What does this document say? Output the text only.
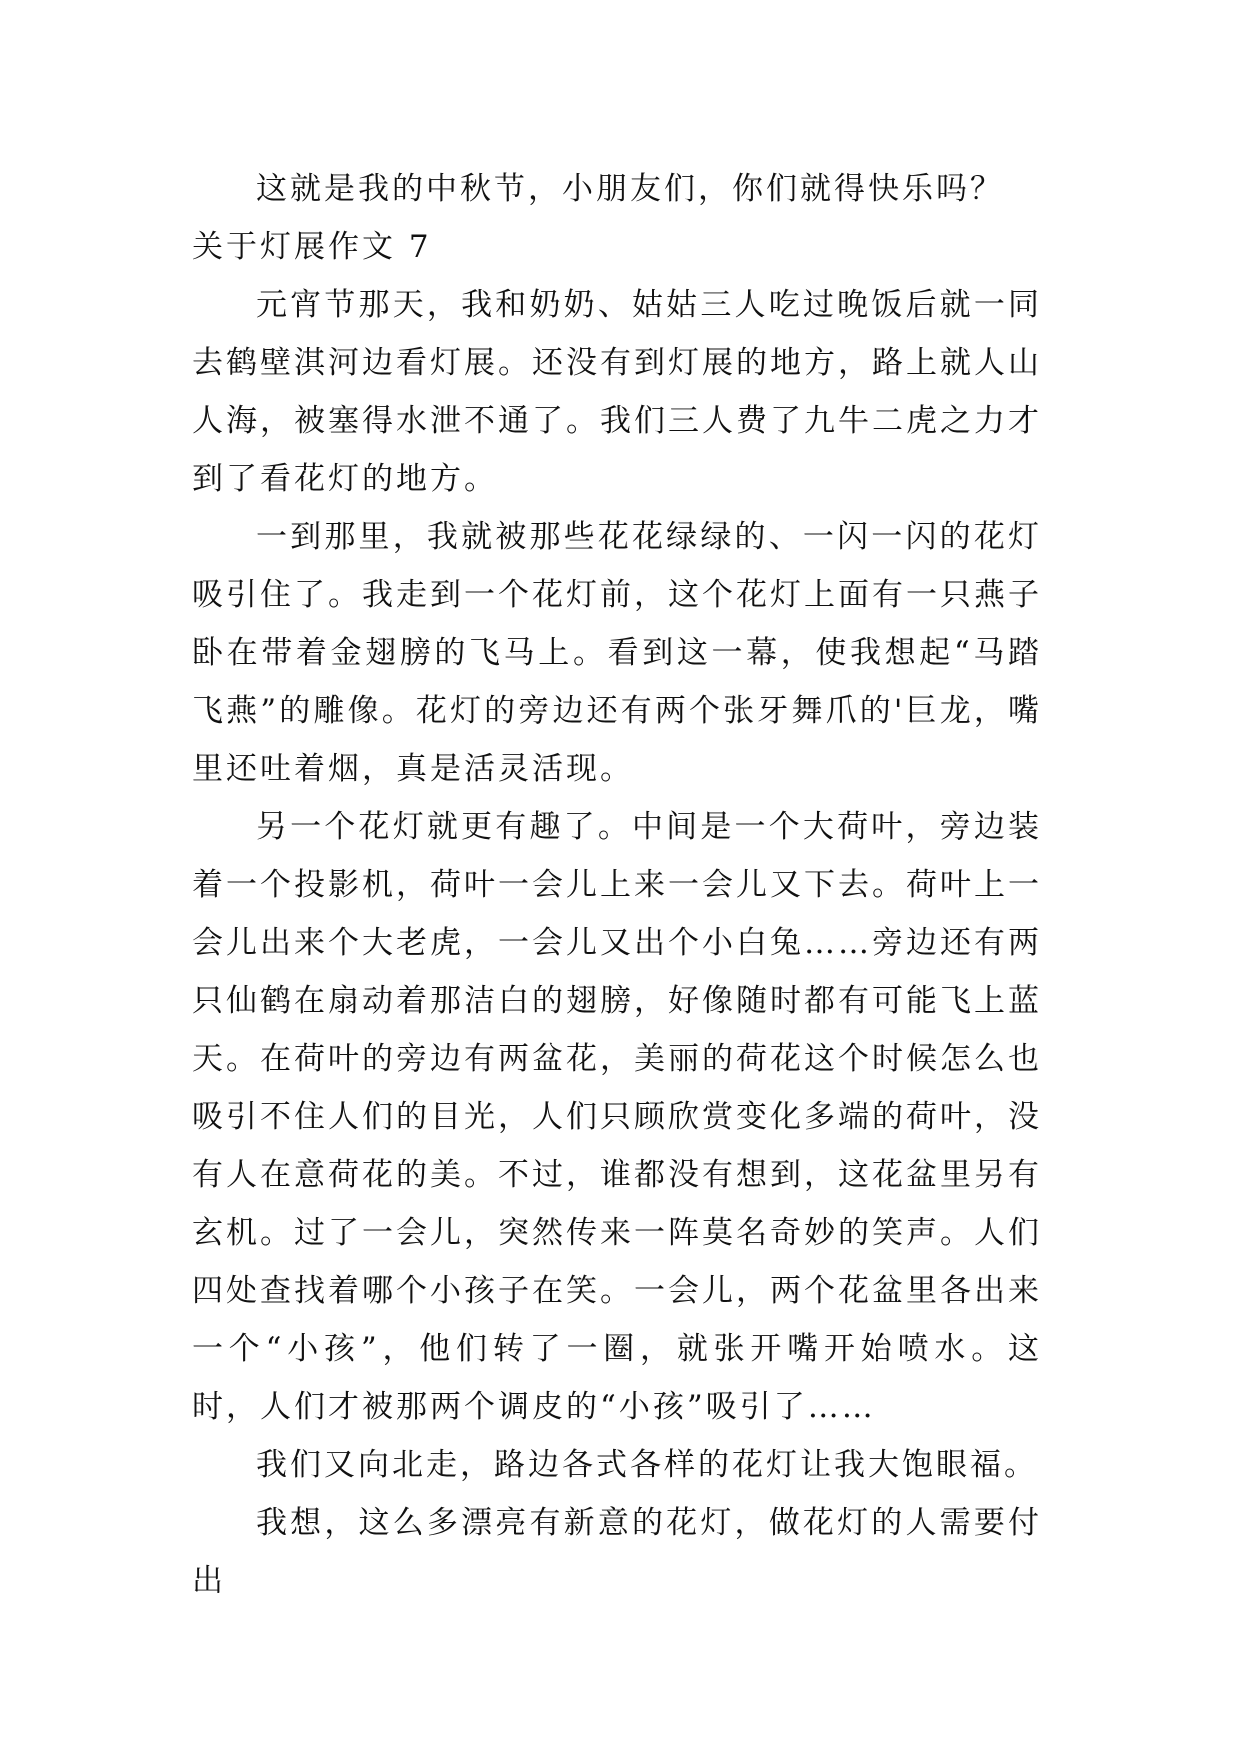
这就是我的中秋节，小朋友们，你们就得快乐吗？

关于灯展作文 7

元宵节那天，我和奶奶、姑姑三人吃过晚饭后就一同去鹤壁淇河边看灯展。还没有到灯展的地方，路上就人山人海，被塞得水泄不通了。我们三人费了九牛二虎之力才到了看花灯的地方。

一到那里，我就被那些花花绿绿的、一闪一闪的花灯吸引住了。我走到一个花灯前，这个花灯上面有一只燕子卧在带着金翅膀的飞马上。看到这一幕，使我想起“马踏飞燕”的雕像。花灯的旁边还有两个张牙舞爪的'巨龙，嘴里还吐着烟，真是活灵活现。

另一个花灯就更有趣了。中间是一个大荷叶，旁边装着一个投影机，荷叶一会儿上来一会儿又下去。荷叶上一会儿出来个大老虎，一会儿又出个小白兔……旁边还有两只仙鹤在扇动着那洁白的翅膀，好像随时都有可能飞上蓝天。在荷叶的旁边有两盆花，美丽的荷花这个时候怎么也吸引不住人们的目光，人们只顾欣赏变化多端的荷叶，没有人在意荷花的美。不过，谁都没有想到，这花盆里另有玄机。过了一会儿，突然传来一阵莫名奇妙的笑声。人们四处查找着哪个小孩子在笑。一会儿，两个花盆里各出来一个“小孩”，他们转了一圈，就张开嘴开始喷水。这时，人们才被那两个调皮的“小孩”吸引了……

我们又向北走，路边各式各样的花灯让我大饱眼福。

我想，这么多漂亮有新意的花灯，做花灯的人需要付出
